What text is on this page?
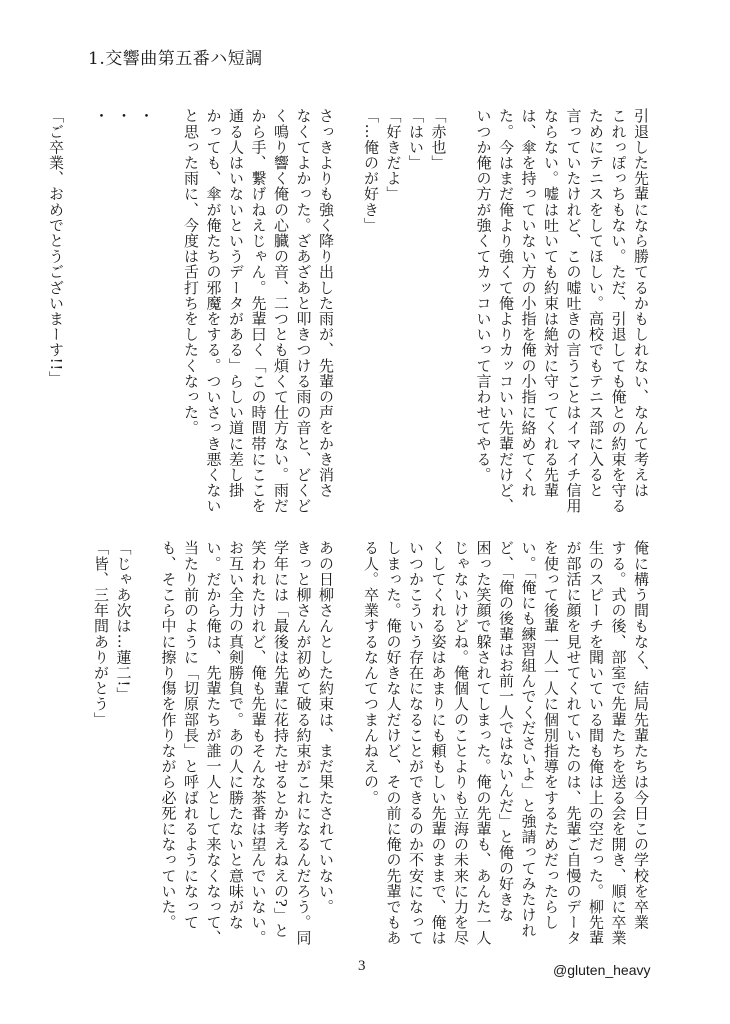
1.交響曲第五番ハ短調
引退した先輩になら勝てるかもしれない、なんて考えは
これっぽっちもない。ただ、引退しても俺との約束を守る
ためにテニスをしてほしい。高校でもテニス部に入ると
言っていたけれど、この嘘吐きの言うことはイマイチ信用
ならない。嘘は吐いても約束は絶対に守ってくれる先輩
は、傘を持っていない方の小指を俺の小指に絡めてくれ
た。今はまだ俺より強くて俺よりカッコいい先輩だけど、
いつか俺の方が強くてカッコいいって言わせてやる。

「赤也」
「はい」
「好きだよ」
「…俺のが好き」

さっきよりも強く降り出した雨が、先輩の声をかき消さ
なくてよかった。ざあざあと叩きつける雨の音と、どくど
く鳴り響く俺の心臓の音、二つとも煩くて仕方ない。雨だ
から手、繋げねえじゃん。先輩曰く「この時間帯にここを
通る人はいないというデータがある」らしい道に差し掛
かっても、傘が俺たちの邪魔をする。ついさっき悪くない
と思った雨に、今度は舌打ちをしたくなった。

・
・
・

「ご卒業、おめでとうございまーす!!」
俺に構う間もなく、結局先輩たちは今日この学校を卒業
する。式の後、部室で先輩たちを送る会を開き、順に卒業
生のスピーチを聞いている間も俺は上の空だった。柳先輩
が部活に顔を見せてくれていたのは、先輩ご自慢のデータ
を使って後輩一人一人に個別指導をするためだったらし
い。「俺にも練習組んでくださいよ」と強請ってみたけれ
ど、「俺の後輩はお前一人ではないんだ」と俺の好きな
困った笑顔で躱されてしまった。俺の先輩も、あんた一人
じゃないけどね。俺個人のことよりも立海の未来に力を尽
くしてくれる姿はあまりにも頼もしい先輩のままで、俺は
いつかこういう存在になることができるのか不安になって
しまった。俺の好きな人だけど、その前に俺の先輩でもあ
る人。卒業するなんてつまんねえの。

あの日柳さんとした約束は、まだ果たされていない。
きっと柳さんが初めて破る約束がこれになるんだろう。同
学年には「最後は先輩に花持たせるとか考えねえの?」と
笑われたけれど、俺も先輩もそんな茶番は望んでいない。
お互い全力の真剣勝負で。あの人に勝たないと意味がな
い。だから俺は、先輩たちが誰一人として来なくなって、
当たり前のように「切原部長」と呼ばれるようになって
も、そこら中に擦り傷を作りながら必死になっていた。

「じゃあ次は…蓮二!」
「皆、三年間ありがとう」
3	@gluten_heavy
